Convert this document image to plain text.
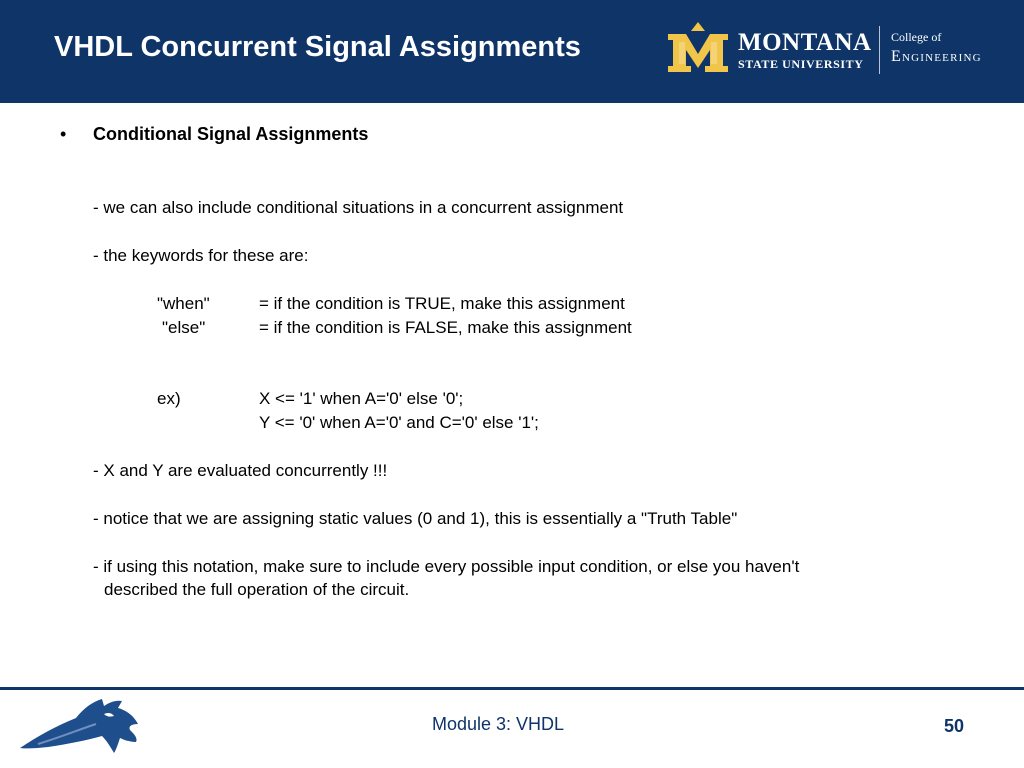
VHDL Concurrent Signal Assignments	MONTANA
STATE UNIVERSITY
College of
Engineering
• Conditional Signal Assignments
- we can also include conditional situations in a concurrent assignment
- the keywords for these are:
"when"	= if the condition is TRUE, make this assignment
"else"	= if the condition is FALSE, make this assignment
ex)	X <= '1' when A='0' else '0';
Y <= '0' when A='0' and C='0' else '1';
- X and Y are evaluated concurrently !!!
- notice that we are assigning static values (0 and 1), this is essentially a "Truth Table"
- if using this notation, make sure to include every possible input condition, or else you haven't
described the full operation of the circuit.
Module 3: VHDL	50
